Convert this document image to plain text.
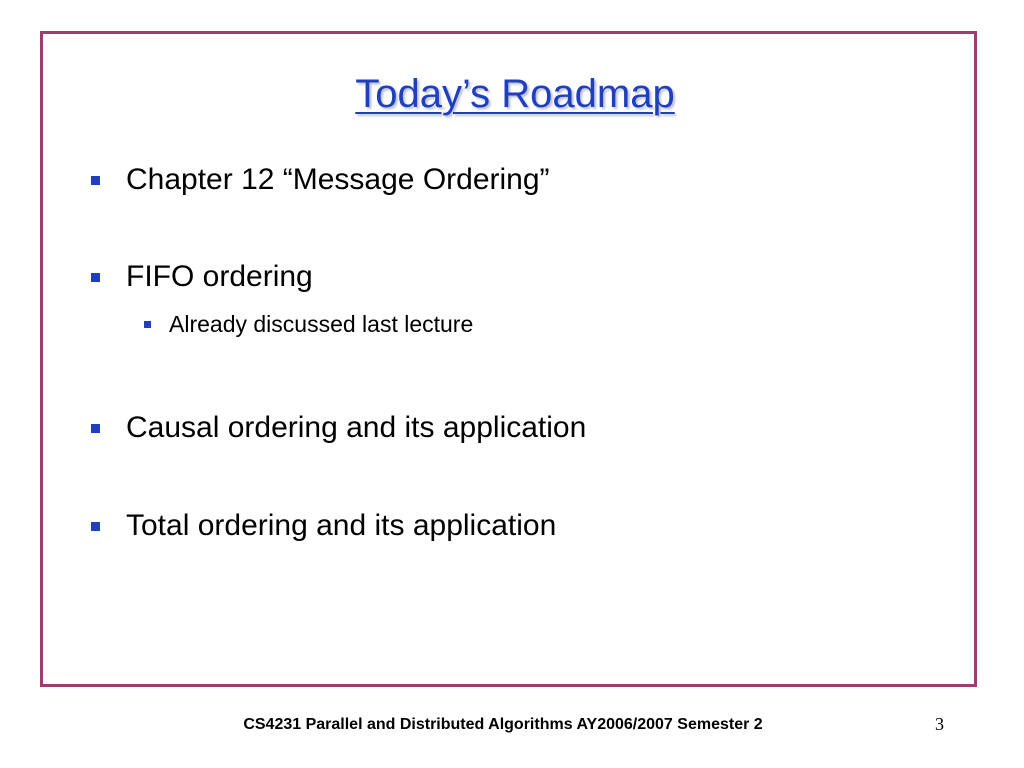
Today’s Roadmap
Chapter 12 “Message Ordering”
FIFO ordering
Already discussed last lecture
Causal ordering and its application
Total ordering and its application
CS4231 Parallel and Distributed Algorithms AY2006/2007 Semester 2	3
